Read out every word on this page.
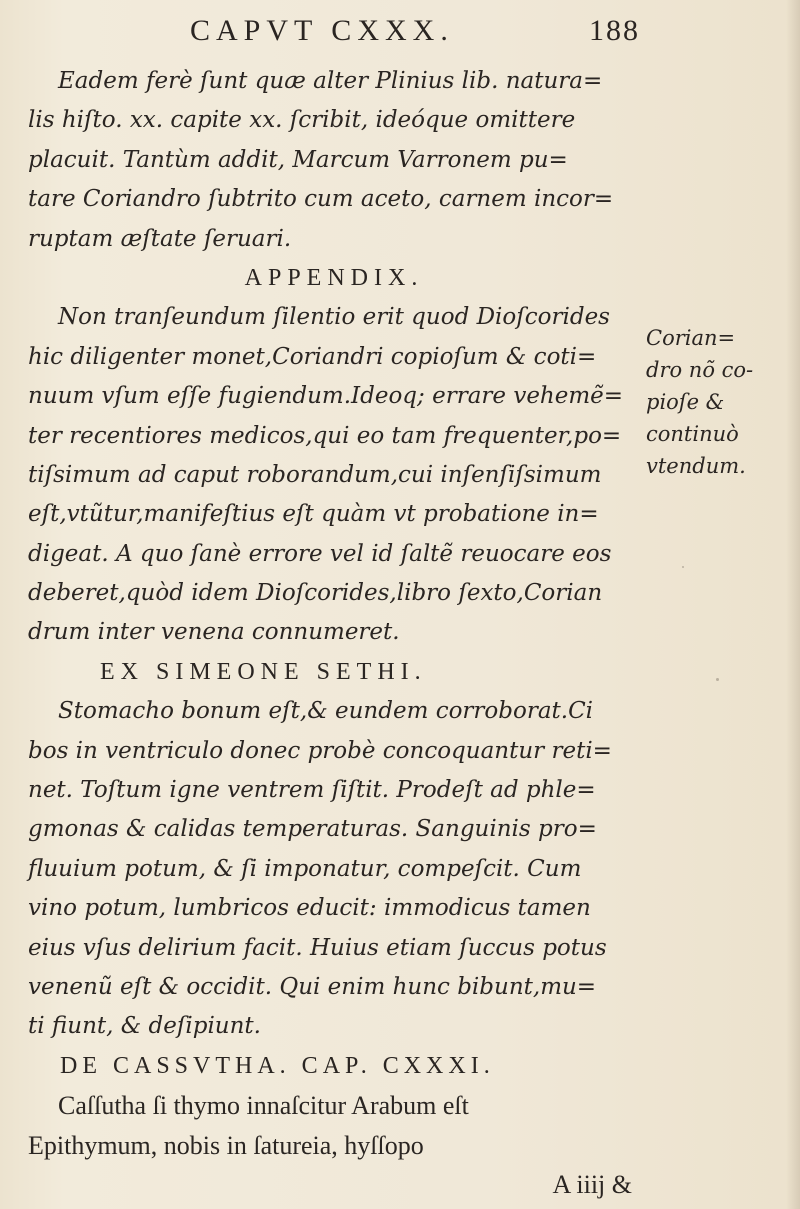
CAPVT CXXX.	188
Eadem ferè ſunt quæ alter Plinius lib. natura=
lis hiſto. xx. capite xx. ſcribit, ideóque omittere
placuit. Tantùm addit, Marcum Varronem pu=
tare Coriandro ſubtrito cum aceto, carnem incor=
ruptam æſtate ſeruari.
APPENDIX.
Non tranſeundum ſilentio erit quod Dioſcorides
hic diligenter monet,Coriandri copioſum & coti=
nuum vſum eſſe fugiendum.Ideoq; errare vehemẽ=
ter recentiores medicos,qui eo tam frequenter,po=
tiſsimum ad caput roborandum,cui inſenſiſsimum
eſt,vtũtur,manifeſtius eſt quàm vt probatione in=
digeat. A quo ſanè errore vel id ſaltẽ reuocare eos
deberet,quòd idem Dioſcorides,libro ſexto,Corian
drum inter venena connumeret.
EX SIMEONE SETHI.
Stomacho bonum eſt,& eundem corroborat.Ci
bos in ventriculo donec probè concoquantur reti=
net. Toſtum igne ventrem ſiſtit. Prodeſt ad phle=
gmonas & calidas temperaturas. Sanguinis pro=
fluuium potum, & ſi imponatur, compeſcit. Cum
vino potum, lumbricos educit: immodicus tamen
eius vſus delirium facit. Huius etiam ſuccus potus
venenũ eſt & occidit. Qui enim hunc bibunt,mu=
ti fiunt, & deſipiunt.
DE CASSVTHA. CAP. CXXXI.
Caſſutha ſi thymo innaſcitur Arabum eſt
Epithymum, nobis in ſatureia, hyſſopo
A iiij &
Corian=
dro nõ co-
pioſe &
continuò
vtendum.
